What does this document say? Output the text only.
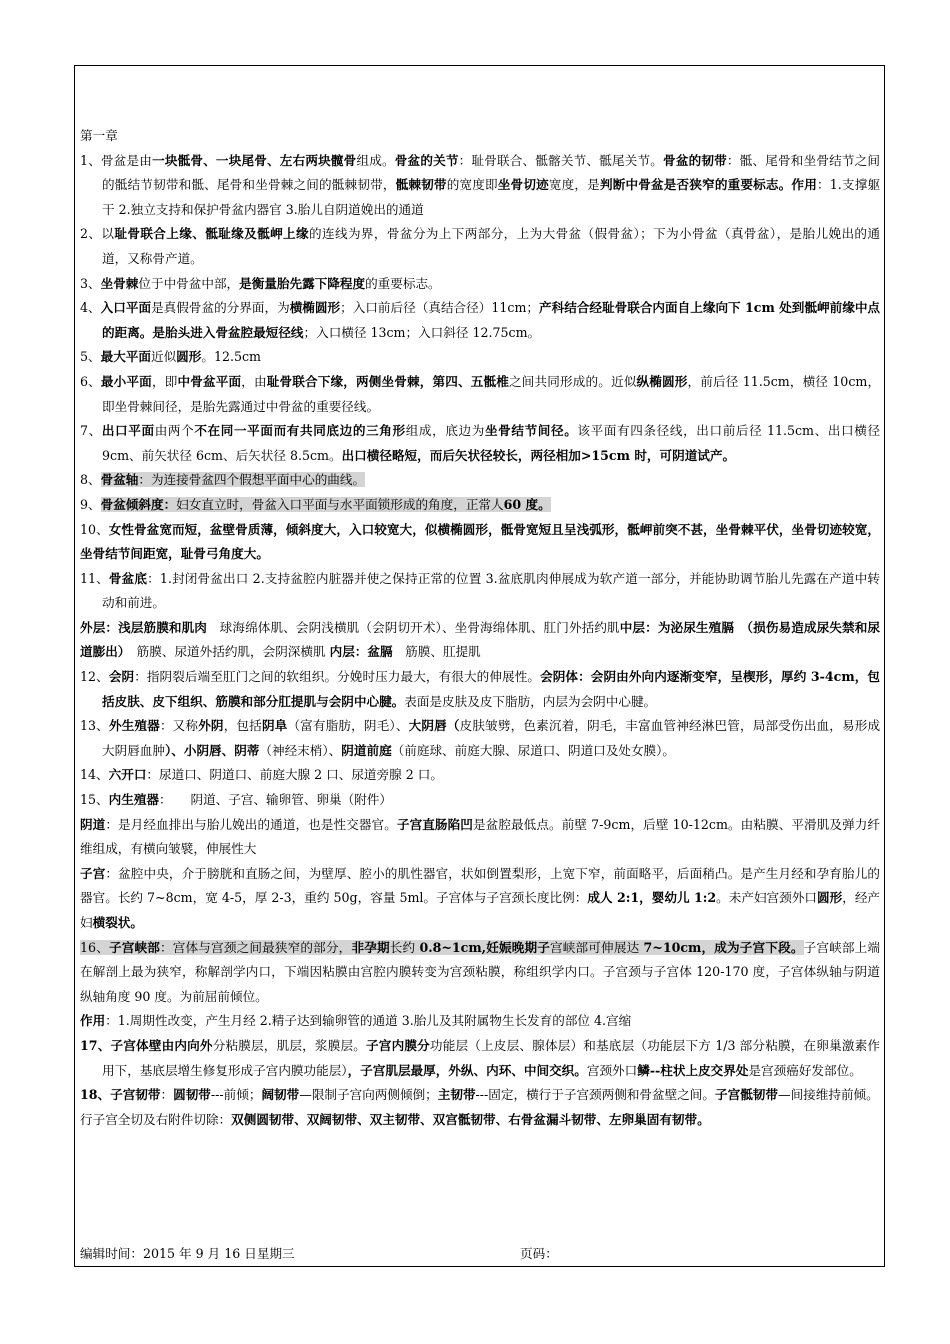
第一章

1、骨盆是由一块骶骨、一块尾骨、左右两块髋骨组成。骨盆的关节：耻骨联合、骶髂关节、骶尾关节。骨盆的韧带：骶、尾骨和坐骨结节之间的骶结节韧带和骶、尾骨和坐骨棘之间的骶棘韧带，骶棘韧带的宽度即坐骨切迹宽度，是判断中骨盆是否狭窄的重要标志。作用：1.支撑躯干 2.独立支持和保护骨盆内器官 3.胎儿自阴道娩出的通道

2、以耻骨联合上缘、骶耻缘及骶岬上缘的连线为界，骨盆分为上下两部分，上为大骨盆（假骨盆）；下为小骨盆（真骨盆），是胎儿娩出的通道，又称骨产道。

3、坐骨棘位于中骨盆中部，是衡量胎先露下降程度的重要标志。

4、入口平面是真假骨盆的分界面，为横椭圆形；入口前后径（真结合径）11cm；产科结合经耻骨联合内面自上缘向下 1cm 处到骶岬前缘中点的距离。是胎头进入骨盆腔最短径线；入口横径 13cm；入口斜径 12.75cm。

5、最大平面近似圆形。12.5cm

6、最小平面，即中骨盆平面，由耻骨联合下缘，两侧坐骨棘，第四、五骶椎之间共同形成的。近似纵椭圆形，前后径 11.5cm，横径 10cm，即坐骨棘间径，是胎先露通过中骨盆的重要径线。

7、出口平面由两个不在同一平面而有共同底边的三角形组成，底边为坐骨结节间径。该平面有四条径线，出口前后径 11.5cm、出口横径 9cm、前矢状径 6cm、后矢状径 8.5cm。出口横径略短，而后矢状径较长，两径相加>15cm 时，可阴道试产。

8、骨盆轴：为连接骨盆四个假想平面中心的曲线。

9、骨盆倾斜度：妇女直立时，骨盆入口平面与水平面锁形成的角度，正常人60 度。

10、女性骨盆宽而短，盆壁骨质薄，倾斜度大，入口较宽大，似横椭圆形，骶骨宽短且呈浅弧形，骶岬前突不甚，坐骨棘平伏，坐骨切迹较宽，坐骨结节间距宽，耻骨弓角度大。

11、骨盆底：1.封闭骨盆出口 2.支持盆腔内脏器并使之保持正常的位置 3.盆底肌肉伸展成为软产道一部分，并能协助调节胎儿先露在产道中转动和前进。

外层：浅层筋膜和肌肉　球海绵体肌、会阴浅横肌（会阴切开术）、坐骨海绵体肌、肛门外括约肌中层：为泌尿生殖膈　（损伤易造成尿失禁和尿道膨出）　筋膜、尿道外括约肌，会阴深横肌 内层：盆膈　筋膜、肛提肌

12、会阴：指阴裂后端至肛门之间的软组织。分娩时压力最大，有很大的伸展性。会阴体：会阴由外向内逐渐变窄，呈楔形，厚约 3-4cm，包括皮肤、皮下组织、筋膜和部分肛提肌与会阴中心腱。表面是皮肤及皮下脂肪，内层为会阴中心腱。

13、外生殖器：又称外阴，包括阴阜（富有脂肪，阴毛）、大阴唇（皮肤皱劈，色素沉着，阴毛，丰富血管神经淋巴管，局部受伤出血，易形成大阴唇血肿）、小阴唇、阴蒂（神经末梢）、阴道前庭（前庭球、前庭大腺、尿道口、阴道口及处女膜）。

14、六开口：尿道口、阴道口、前庭大腺 2 口、尿道旁腺 2 口。

15、内生殖器：　　阴道、子宫、输卵管、卵巢（附件）

阴道：是月经血排出与胎儿娩出的通道，也是性交器官。子宫直肠陷凹是盆腔最低点。前壁 7-9cm，后壁 10-12cm。由粘膜、平滑肌及弹力纤维组成，有横向皱襞，伸展性大

子宫：盆腔中央，介于膀胱和直肠之间，为壁厚、腔小的肌性器官，状如倒置梨形，上宽下窄，前面略平，后面稍凸。是产生月经和孕育胎儿的器官。长约 7~8cm，宽 4-5，厚 2-3，重约 50g，容量 5ml。子宫体与子宫颈长度比例：成人 2:1，婴幼儿 1:2。未产妇宫颈外口圆形，经产妇横裂状。

16、子宫峡部：宫体与宫颈之间最狭窄的部分，非孕期长约 0.8~1cm,妊娠晚期子宫峡部可伸展达 7~10cm，成为子宫下段。子宫峡部上端在解剖上最为狭窄，称解剖学内口，下端因粘膜由宫腔内膜转变为宫颈粘膜，称组织学内口。子宫颈与子宫体 120-170 度，子宫体纵轴与阴道纵轴角度 90 度。为前屈前倾位。

作用：1.周期性改变，产生月经 2.精子达到输卵管的通道 3.胎儿及其附属物生长发育的部位 4.宫缩

17、子宫体壁由内向外分粘膜层，肌层，浆膜层。子宫内膜分功能层（上皮层、腺体层）和基底层（功能层下方 1/3 部分粘膜，在卵巢激素作用下，基底层增生修复形成子宫内膜功能层），子宫肌层最厚，外纵、内环、中间交织。宫颈外口鳞--柱状上皮交界处是宫颈癌好发部位。

18、子宫韧带：圆韧带---前倾；阔韧带—限制子宫向两侧倾倒；主韧带---固定，横行于子宫颈两侧和骨盆壁之间。子宫骶韧带—间接维持前倾。

行子宫全切及右附件切除：双侧圆韧带、双阔韧带、双主韧带、双宫骶韧带、右骨盆漏斗韧带、左卵巢固有韧带。

编辑时间：2015 年 9 月 16 日星期三	页码：
